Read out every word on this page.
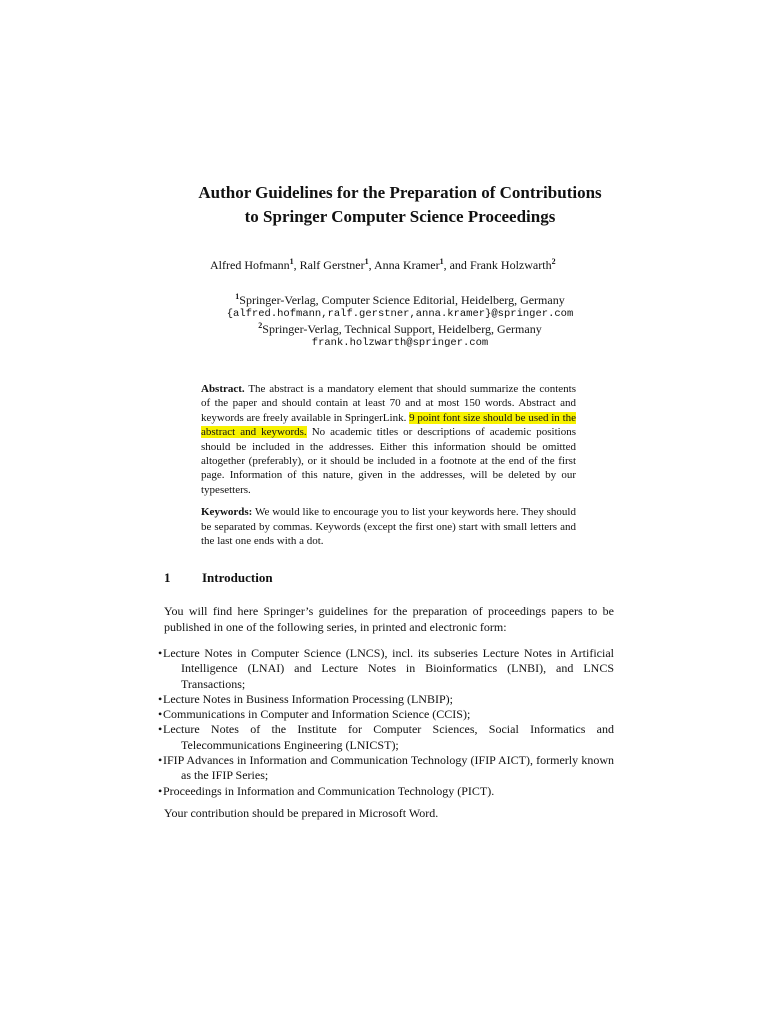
Author Guidelines for the Preparation of Contributions
to Springer Computer Science Proceedings
Alfred Hofmann$^1$, Ralf Gerstner$^1$, Anna Kramer$^1$, and Frank Holzwarth$^2$
$^1$Springer-Verlag, Computer Science Editorial, Heidelberg, Germany
{alfred.hofmann,ralf.gerstner,anna.kramer}@springer.com
$^2$Springer-Verlag, Technical Support, Heidelberg, Germany
frank.holzwarth@springer.com

Abstract. The abstract is a mandatory element that should summarize the contents of the paper and should contain at least 70 and at most 150 words. Abstract and keywords are freely available in SpringerLink. 9 point font size should be used in the abstract and keywords. No academic titles or descriptions of academic positions should be included in the addresses. Either this information should be omitted altogether (preferably), or it should be included in a footnote at the end of the first page. Information of this nature, given in the addresses, will be deleted by our typesetters.

Keywords: We would like to encourage you to list your keywords here. They should be separated by commas. Keywords (except the first one) start with small letters and the last one ends with a dot.

1 Introduction

You will find here Springer’s guidelines for the preparation of proceedings papers to be published in one of the following series, in printed and electronic form:

•Lecture Notes in Computer Science (LNCS), incl. its subseries Lecture Notes in Artificial Intelligence (LNAI) and Lecture Notes in Bioinformatics (LNBI), and LNCS Transactions;
•Lecture Notes in Business Information Processing (LNBIP);
•Communications in Computer and Information Science (CCIS);
•Lecture Notes of the Institute for Computer Sciences, Social Informatics and Telecommunications Engineering (LNICST);
•IFIP Advances in Information and Communication Technology (IFIP AICT), formerly known as the IFIP Series;
•Proceedings in Information and Communication Technology (PICT).
Your contribution should be prepared in Microsoft Word.
